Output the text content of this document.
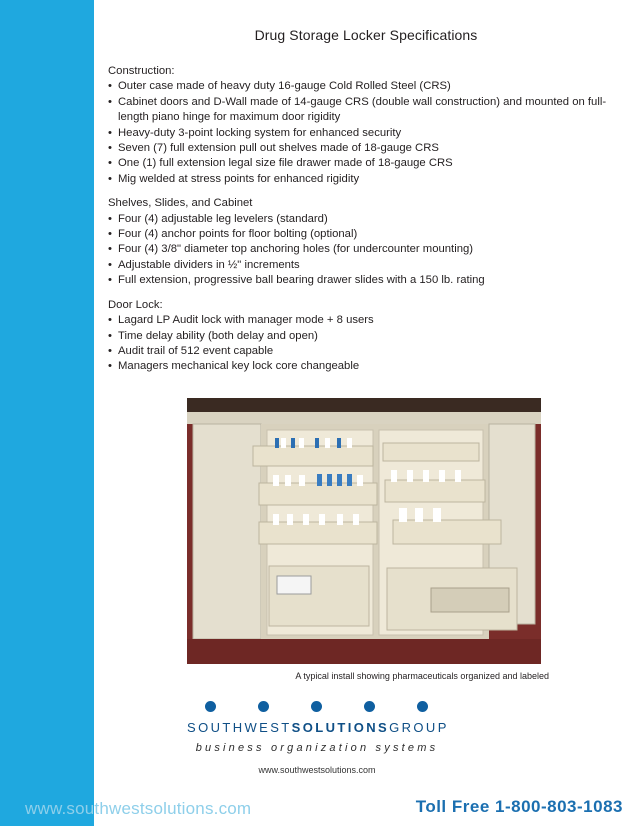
Drug Storage Locker Specifications
Construction:
• Outer case made of heavy duty 16-gauge Cold Rolled Steel (CRS)
• Cabinet doors and D-Wall made of 14-gauge CRS (double wall construction) and mounted on full-length piano hinge for maximum door rigidity
• Heavy-duty 3-point locking system for enhanced security
• Seven (7) full extension pull out shelves made of 18-gauge CRS
• One (1) full extension legal size file drawer made of 18-gauge CRS
• Mig welded at stress points for enhanced rigidity
Shelves, Slides, and Cabinet
• Four (4) adjustable leg levelers (standard)
• Four (4) anchor points for floor bolting (optional)
• Four (4) 3/8" diameter top anchoring holes (for undercounter mounting)
• Adjustable dividers in ½" increments
• Full extension, progressive ball bearing drawer slides with a 150 lb. rating
Door Lock:
• Lagard LP Audit lock with manager mode + 8 users
• Time delay ability (both delay and open)
• Audit trail of 512 event capable
• Managers mechanical key lock core changeable
A typical install showing pharmaceuticals organized and labeled
SOUTHWESTSOLUTIONSGROUP
business organization systems
www.southwestsolutions.com
www.southwestsolutions.com	Toll Free 1-800-803-1083
